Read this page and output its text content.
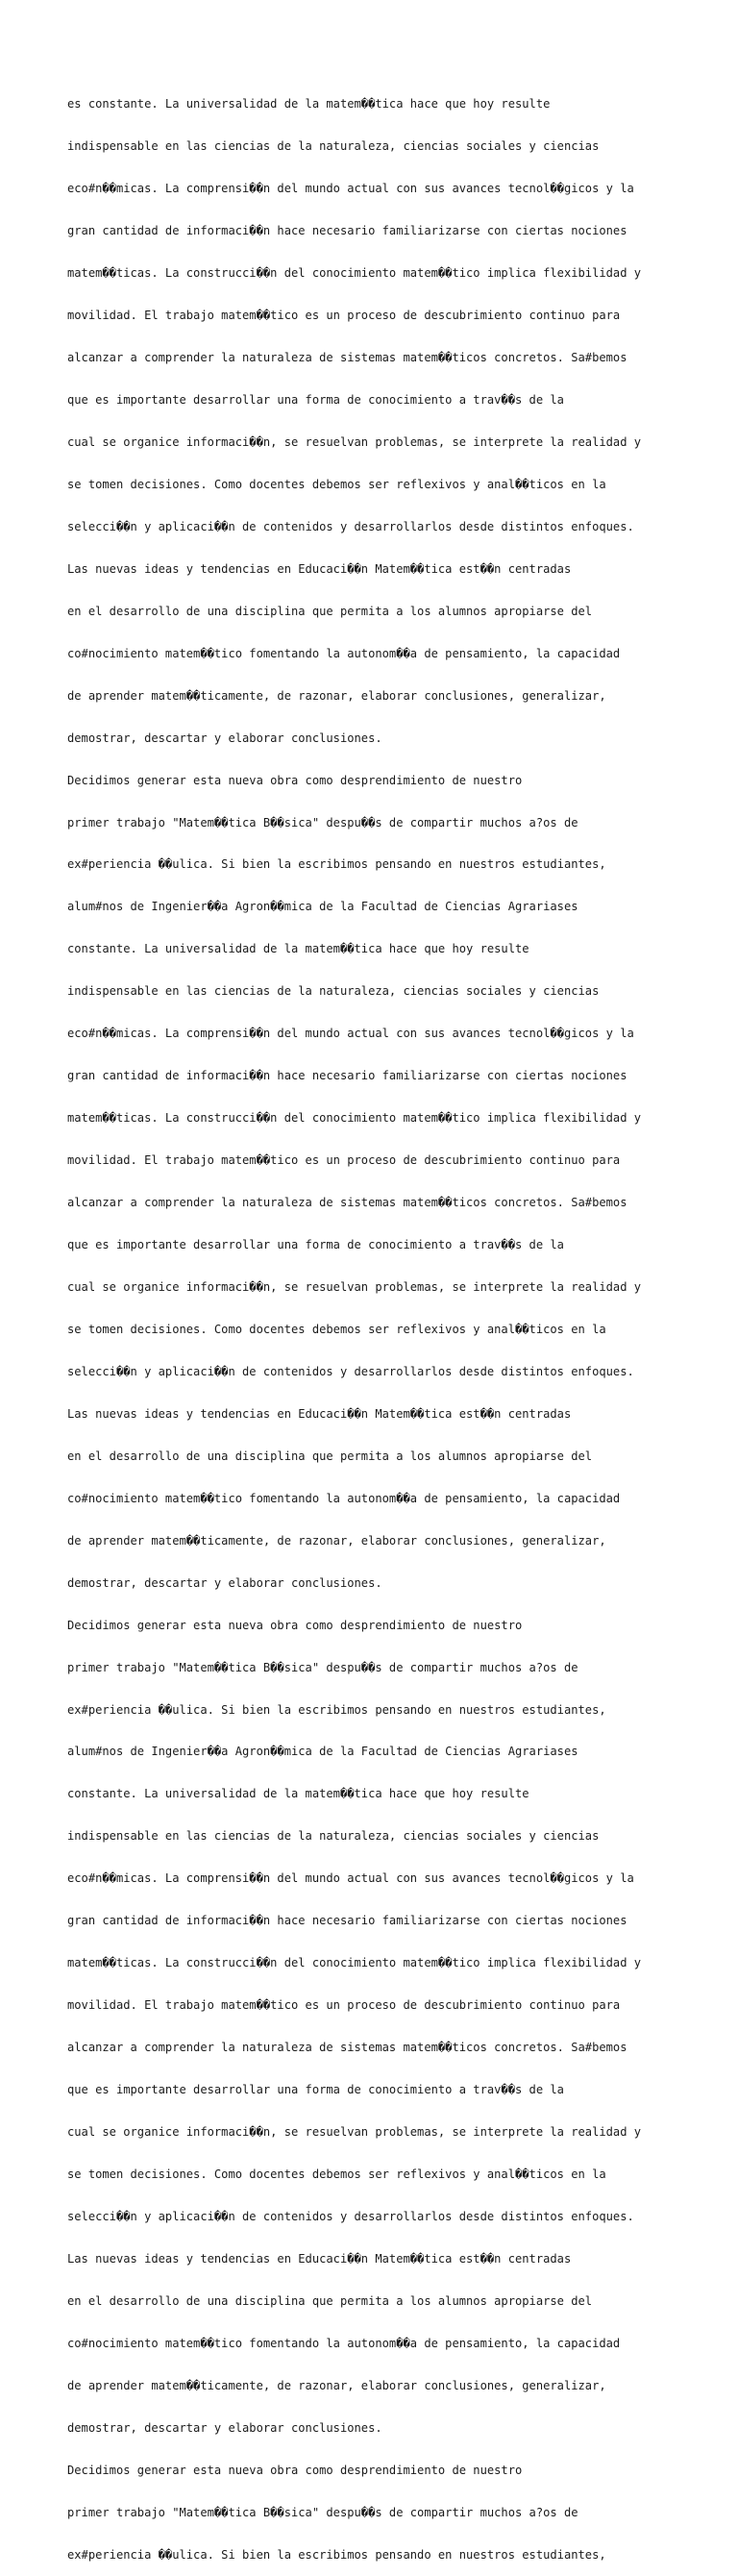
es constante. La universalidad de la matem��tica hace que hoy resulte

indispensable en las ciencias de la naturaleza, ciencias sociales y ciencias

eco#n��micas. La comprensi��n del mundo actual con sus avances tecnol��gicos y la

gran cantidad de informaci��n hace necesario familiarizarse con ciertas nociones

matem��ticas. La construcci��n del conocimiento matem��tico implica flexibilidad y

movilidad. El trabajo matem��tico es un proceso de descubrimiento continuo para

alcanzar a comprender la naturaleza de sistemas matem��ticos concretos. Sa#bemos

que es importante desarrollar una forma de conocimiento a trav��s de la

cual se organice informaci��n, se resuelvan problemas, se interprete la realidad y

se tomen decisiones. Como docentes debemos ser reflexivos y anal��ticos en la

selecci��n y aplicaci��n de contenidos y desarrollarlos desde distintos enfoques.

Las nuevas ideas y tendencias en Educaci��n Matem��tica est��n centradas

en el desarrollo de una disciplina que permita a los alumnos apropiarse del

co#nocimiento matem��tico fomentando la autonom��a de pensamiento, la capacidad

de aprender matem��ticamente, de razonar, elaborar conclusiones, generalizar,

demostrar, descartar y elaborar conclusiones.

Decidimos generar esta nueva obra como desprendimiento de nuestro

primer trabajo "Matem��tica B��sica" despu��s de compartir muchos a?os de

ex#periencia ��ulica. Si bien la escribimos pensando en nuestros estudiantes,

alum#nos de Ingenier��a Agron��mica de la Facultad de Ciencias Agrariases

constante. La universalidad de la matem��tica hace que hoy resulte

indispensable en las ciencias de la naturaleza, ciencias sociales y ciencias

eco#n��micas. La comprensi��n del mundo actual con sus avances tecnol��gicos y la

gran cantidad de informaci��n hace necesario familiarizarse con ciertas nociones

matem��ticas. La construcci��n del conocimiento matem��tico implica flexibilidad y

movilidad. El trabajo matem��tico es un proceso de descubrimiento continuo para

alcanzar a comprender la naturaleza de sistemas matem��ticos concretos. Sa#bemos

que es importante desarrollar una forma de conocimiento a trav��s de la

cual se organice informaci��n, se resuelvan problemas, se interprete la realidad y

se tomen decisiones. Como docentes debemos ser reflexivos y anal��ticos en la

selecci��n y aplicaci��n de contenidos y desarrollarlos desde distintos enfoques.

Las nuevas ideas y tendencias en Educaci��n Matem��tica est��n centradas

en el desarrollo de una disciplina que permita a los alumnos apropiarse del

co#nocimiento matem��tico fomentando la autonom��a de pensamiento, la capacidad

de aprender matem��ticamente, de razonar, elaborar conclusiones, generalizar,

demostrar, descartar y elaborar conclusiones.

Decidimos generar esta nueva obra como desprendimiento de nuestro

primer trabajo "Matem��tica B��sica" despu��s de compartir muchos a?os de

ex#periencia ��ulica. Si bien la escribimos pensando en nuestros estudiantes,

alum#nos de Ingenier��a Agron��mica de la Facultad de Ciencias Agrariases

constante. La universalidad de la matem��tica hace que hoy resulte

indispensable en las ciencias de la naturaleza, ciencias sociales y ciencias

eco#n��micas. La comprensi��n del mundo actual con sus avances tecnol��gicos y la

gran cantidad de informaci��n hace necesario familiarizarse con ciertas nociones

matem��ticas. La construcci��n del conocimiento matem��tico implica flexibilidad y

movilidad. El trabajo matem��tico es un proceso de descubrimiento continuo para

alcanzar a comprender la naturaleza de sistemas matem��ticos concretos. Sa#bemos

que es importante desarrollar una forma de conocimiento a trav��s de la

cual se organice informaci��n, se resuelvan problemas, se interprete la realidad y

se tomen decisiones. Como docentes debemos ser reflexivos y anal��ticos en la

selecci��n y aplicaci��n de contenidos y desarrollarlos desde distintos enfoques.

Las nuevas ideas y tendencias en Educaci��n Matem��tica est��n centradas

en el desarrollo de una disciplina que permita a los alumnos apropiarse del

co#nocimiento matem��tico fomentando la autonom��a de pensamiento, la capacidad

de aprender matem��ticamente, de razonar, elaborar conclusiones, generalizar,

demostrar, descartar y elaborar conclusiones.

Decidimos generar esta nueva obra como desprendimiento de nuestro

primer trabajo "Matem��tica B��sica" despu��s de compartir muchos a?os de

ex#periencia ��ulica. Si bien la escribimos pensando en nuestros estudiantes,
